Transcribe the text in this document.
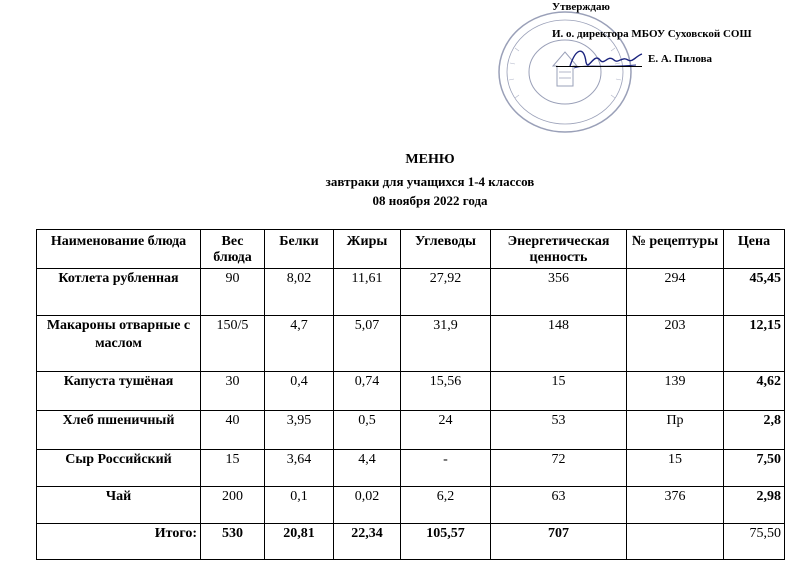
Утверждаю
И. о. директора МБОУ Суховской СОШ
Е. А. Пилова
МЕНЮ
завтраки для учащихся 1-4 классов
08 ноября 2022 года
Наименование блюда	Вес блюда	Белки	Жиры	Углеводы	Энергетическая ценность	№ рецептуры	Цена
Котлета рубленная	90	8,02	11,61	27,92	356	294	45,45
Макароны отварные с маслом	150/5	4,7	5,07	31,9	148	203	12,15
Капуста тушёная	30	0,4	0,74	15,56	15	139	4,62
Хлеб пшеничный	40	3,95	0,5	24	53	Пр	2,8
Сыр Российский	15	3,64	4,4	-	72	15	7,50
Чай	200	0,1	0,02	6,2	63	376	2,98
Итого:	530	20,81	22,34	105,57	707		75,50
